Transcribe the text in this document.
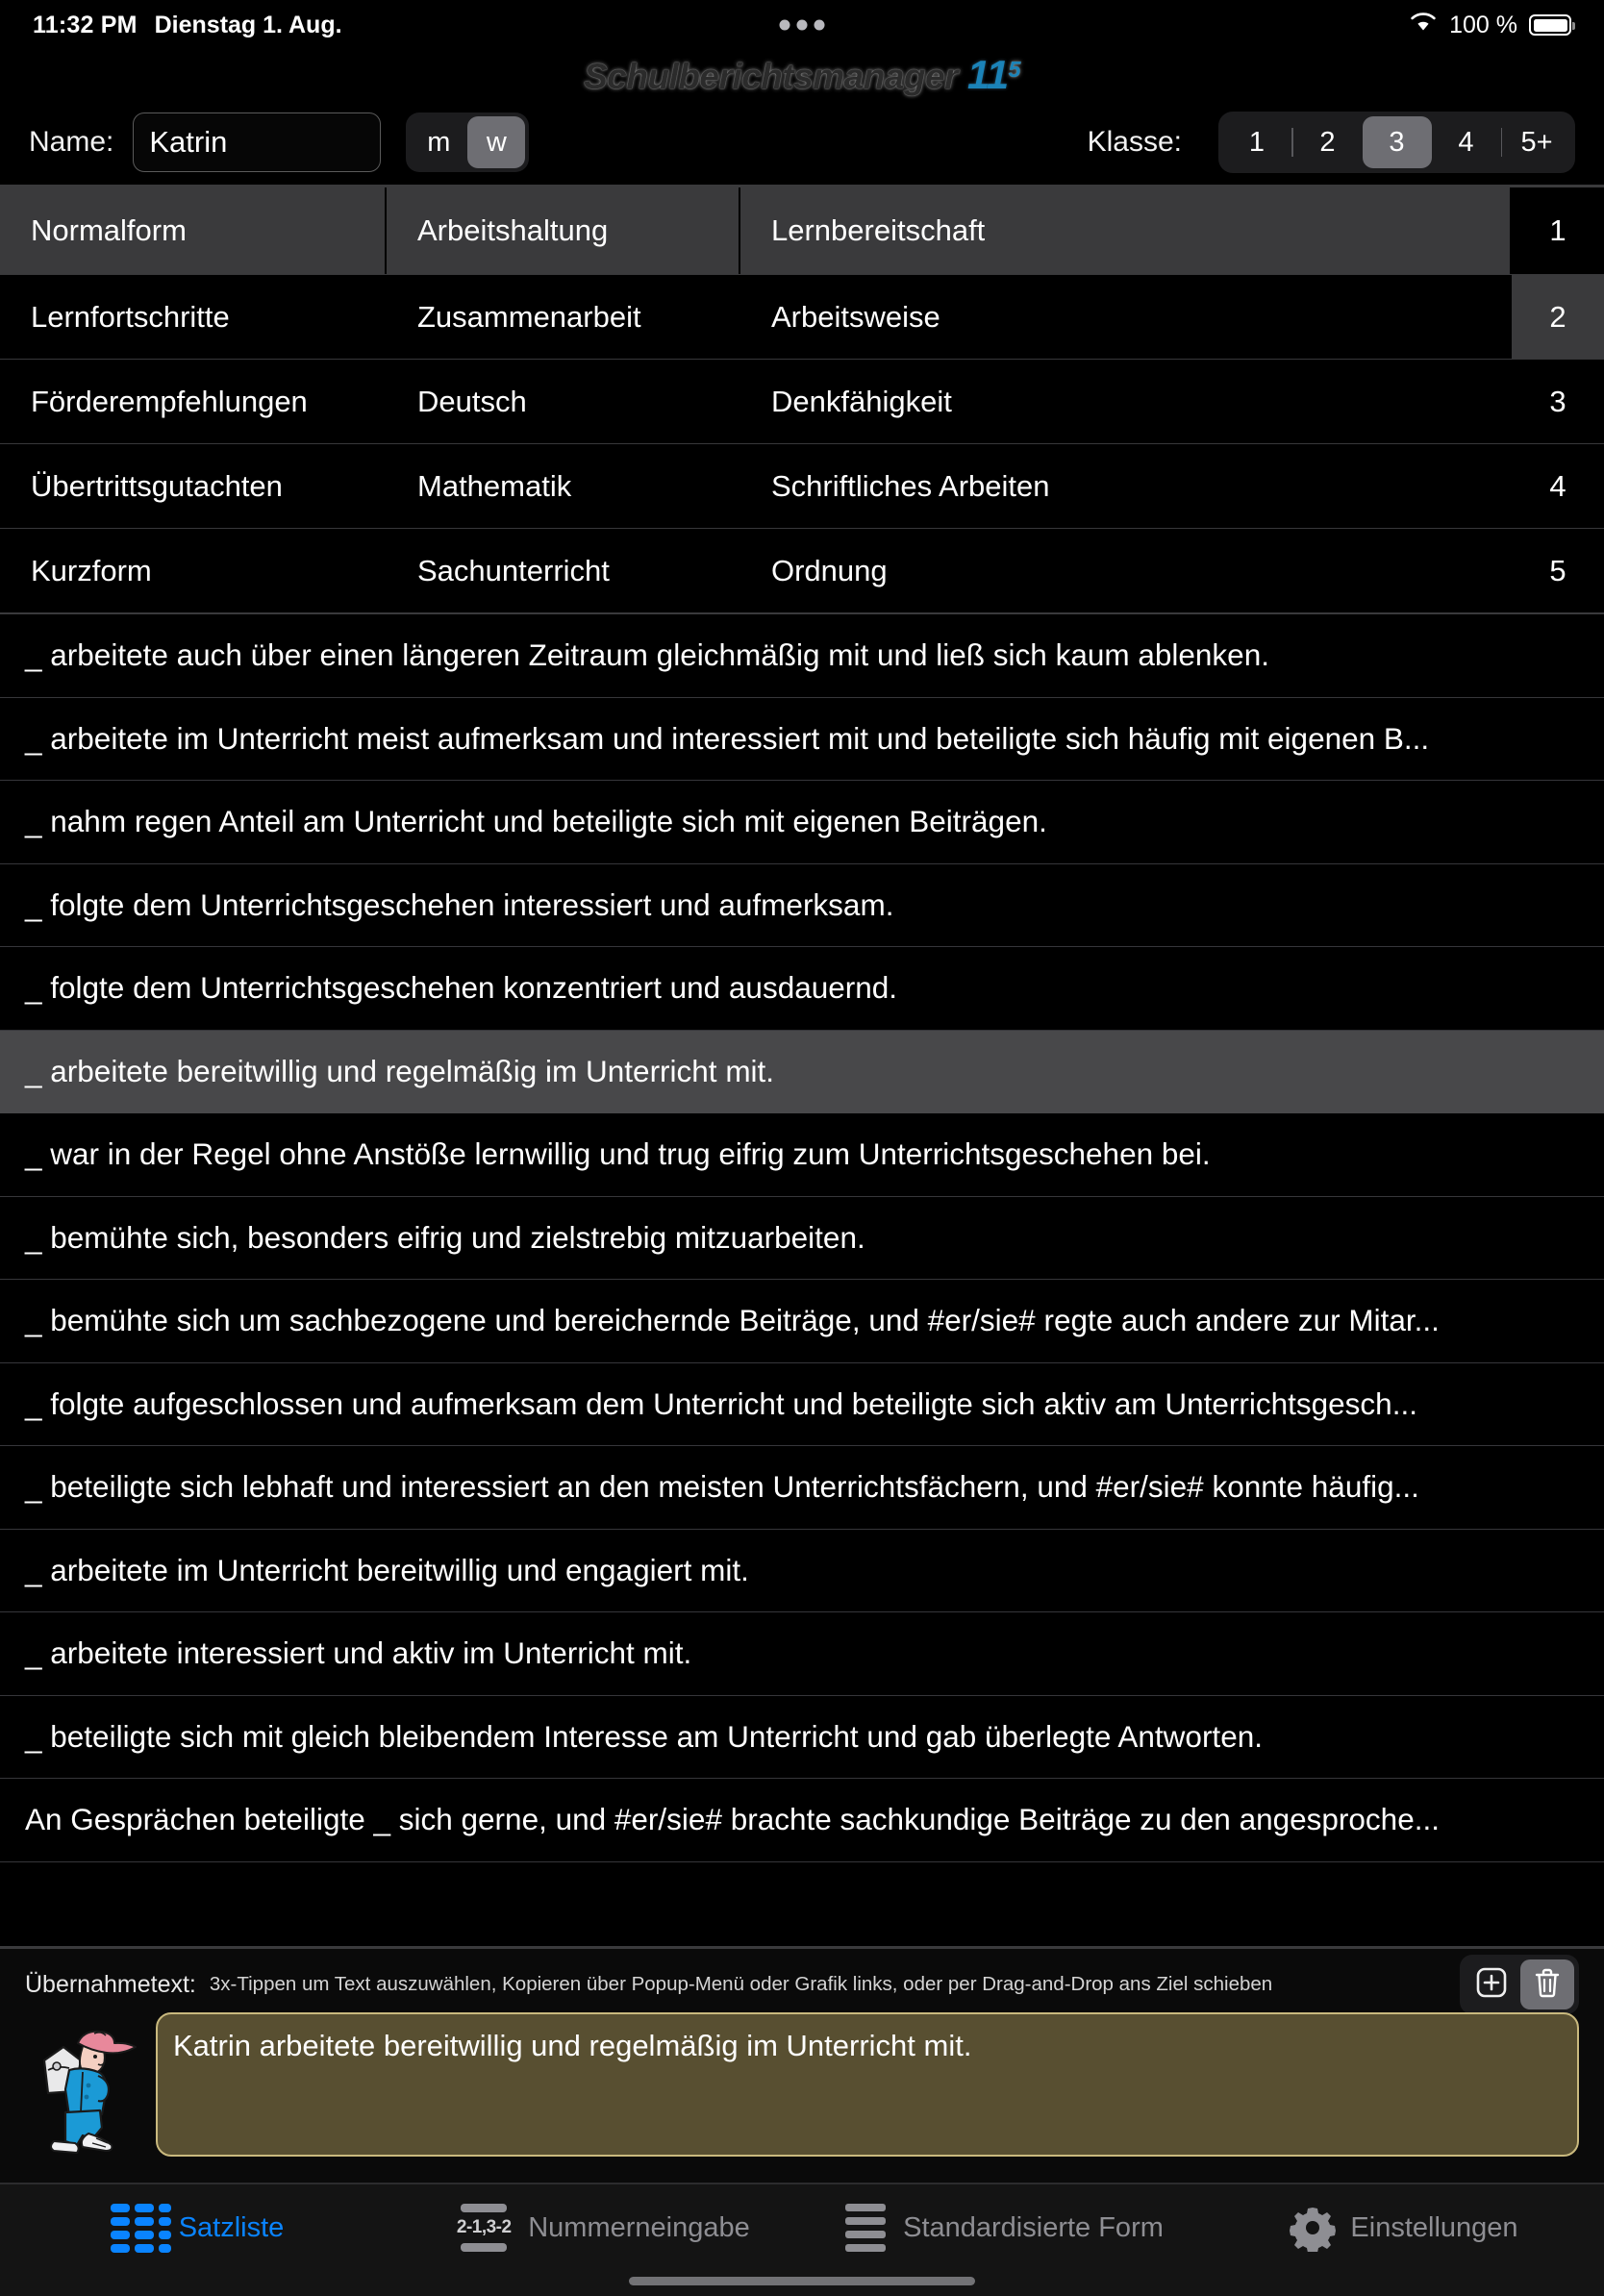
11:32 PM Dienstag 1. Aug.	100 %
Schulberichtsmanager 11 5
Name:
Katrin	m	w	Klasse:	1	2	3	4	5+
Normalform	Arbeitshaltung	Lernbereitschaft	1
Lernfortschritte	Zusammenarbeit	Arbeitsweise	2
Förderempfehlungen	Deutsch	Denkfähigkeit	3
Übertrittsgutachten	Mathematik	Schriftliches Arbeiten	4
Kurzform	Sachunterricht	Ordnung	5
_ arbeitete auch über einen längeren Zeitraum gleichmäßig mit und ließ sich kaum ablenken.
_ arbeitete im Unterricht meist aufmerksam und interessiert mit und beteiligte sich häufig mit eigenen B...
_ nahm regen Anteil am Unterricht und beteiligte sich mit eigenen Beiträgen.
_ folgte dem Unterrichtsgeschehen interessiert und aufmerksam.
_ folgte dem Unterrichtsgeschehen konzentriert und ausdauernd.
_ arbeitete bereitwillig und regelmäßig im Unterricht mit.
_ war in der Regel ohne Anstöße lernwillig und trug eifrig zum Unterrichtsgeschehen bei.
_ bemühte sich, besonders eifrig und zielstrebig mitzuarbeiten.
_ bemühte sich um sachbezogene und bereichernde Beiträge, und #er/sie# regte auch andere zur Mitar...
_ folgte aufgeschlossen und aufmerksam dem Unterricht und beteiligte sich aktiv am Unterrichtsgesch...
_ beteiligte sich lebhaft und interessiert an den meisten Unterrichtsfächern, und #er/sie# konnte häufig...
_ arbeitete im Unterricht bereitwillig und engagiert mit.
_ arbeitete interessiert und aktiv im Unterricht mit.
_ beteiligte sich mit gleich bleibendem Interesse am Unterricht und gab überlegte Antworten.
An Gesprächen beteiligte _ sich gerne, und #er/sie# brachte sachkundige Beiträge zu den angesproche...
Übernahmetext: 3x-Tippen um Text auszuwählen, Kopieren über Popup-Menü oder Grafik links, oder per Drag-and-Drop ans Ziel schieben
Katrin arbeitete bereitwillig und regelmäßig im Unterricht mit.
Satzliste	2-1,3-2 Nummerneingabe	Standardisierte Form	Einstellungen
